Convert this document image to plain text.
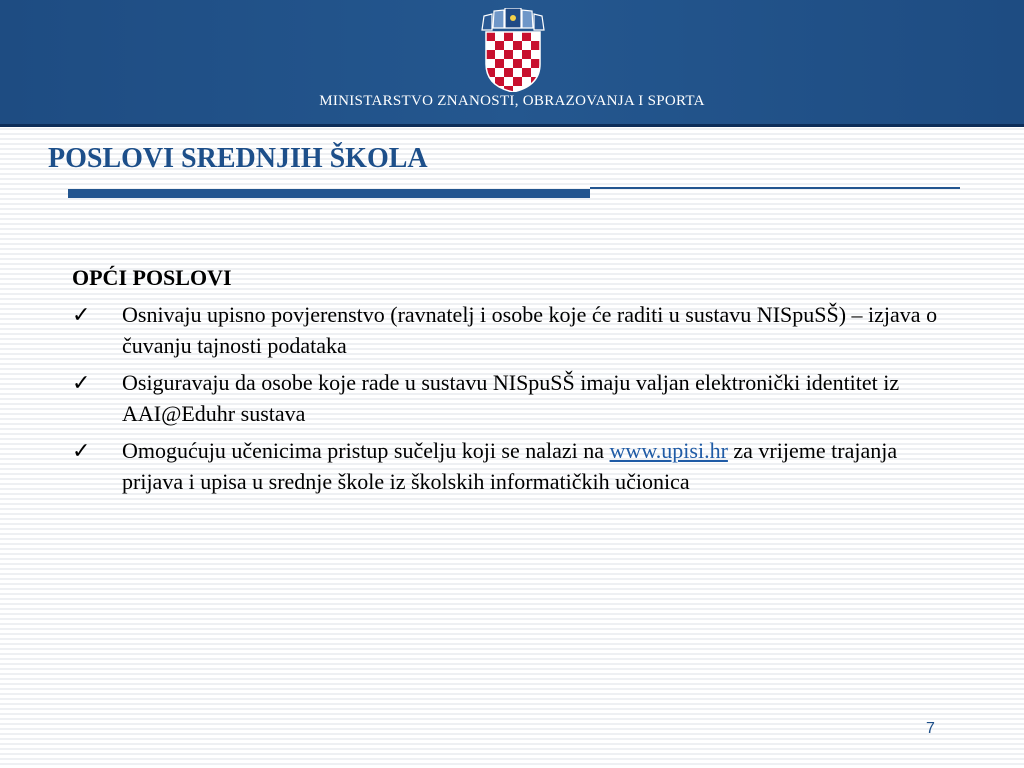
MINISTARSTVO ZNANOSTI, OBRAZOVANJA I SPORTA
POSLOVI SREDNJIH ŠKOLA
OPĆI POSLOVI
✓ Osnivaju upisno povjerenstvo (ravnatelj i osobe koje će raditi u sustavu NISpuSŠ) – izjava o čuvanju tajnosti podataka
✓ Osiguravaju da osobe koje rade u sustavu NISpuSŠ imaju valjan elektronički identitet iz AAI@Eduhr sustava
✓ Omogućuju učenicima pristup sučelju koji se nalazi na www.upisi.hr za vrijeme trajanja prijava i upisa u srednje škole iz školskih informatičkih učionica
7
